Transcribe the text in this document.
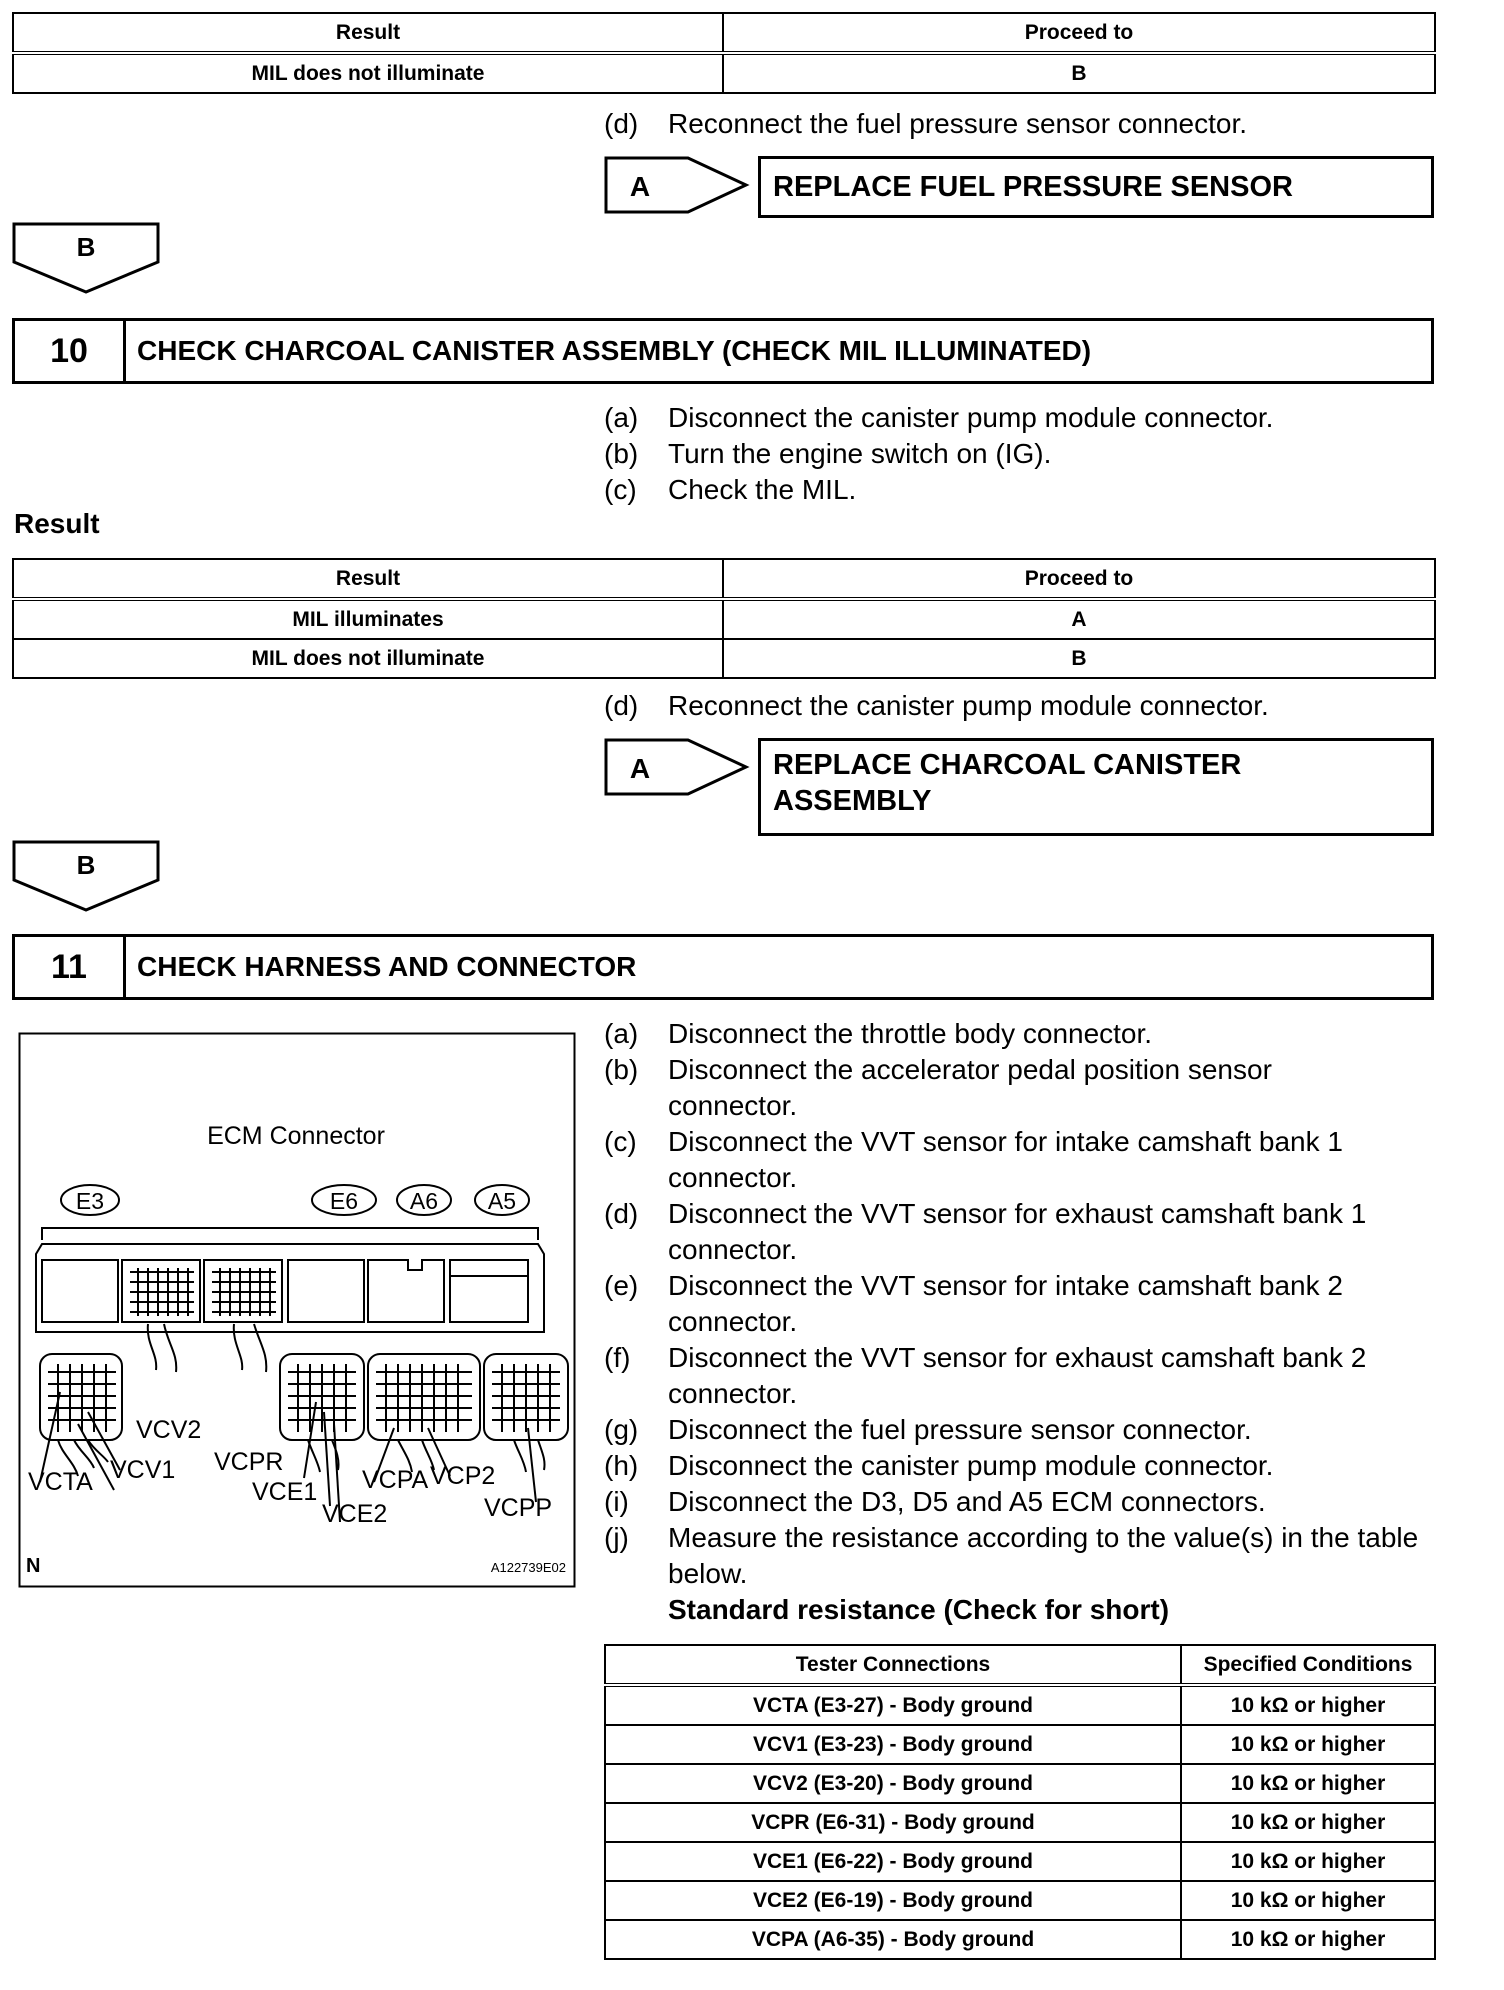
Result	Proceed to
MIL does not illuminate	B
(d) Reconnect the fuel pressure sensor connector.
A	REPLACE FUEL PRESSURE SENSOR
B
10	CHECK CHARCOAL CANISTER ASSEMBLY (CHECK MIL ILLUMINATED)
(a) Disconnect the canister pump module connector.
(b) Turn the engine switch on (IG).
(c) Check the MIL.
Result
Result	Proceed to
MIL illuminates	A
MIL does not illuminate	B
(d) Reconnect the canister pump module connector.
A	REPLACE CHARCOAL CANISTER
ASSEMBLY
B
11	CHECK HARNESS AND CONNECTOR
ECM Connector
E3	E6 A6 A5
VCV2
VCTA VCV1 VCPR
VCE1
VCE2
VCPA VCP2
VCPP
N	A122739E02
(a) Disconnect the throttle body connector.
(b) Disconnect the accelerator pedal position sensor connector.
(c) Disconnect the VVT sensor for intake camshaft bank 1 connector.
(d) Disconnect the VVT sensor for exhaust camshaft bank 1 connector.
(e) Disconnect the VVT sensor for intake camshaft bank 2 connector.
(f) Disconnect the VVT sensor for exhaust camshaft bank 2 connector.
(g) Disconnect the fuel pressure sensor connector.
(h) Disconnect the canister pump module connector.
(i) Disconnect the D3, D5 and A5 ECM connectors.
(j) Measure the resistance according to the value(s) in the table below.
Standard resistance (Check for short)
Tester Connections	Specified Conditions
VCTA (E3-27) - Body ground	10 kΩ or higher
VCV1 (E3-23) - Body ground	10 kΩ or higher
VCV2 (E3-20) - Body ground	10 kΩ or higher
VCPR (E6-31) - Body ground	10 kΩ or higher
VCE1 (E6-22) - Body ground	10 kΩ or higher
VCE2 (E6-19) - Body ground	10 kΩ or higher
VCPA (A6-35) - Body ground	10 kΩ or higher
